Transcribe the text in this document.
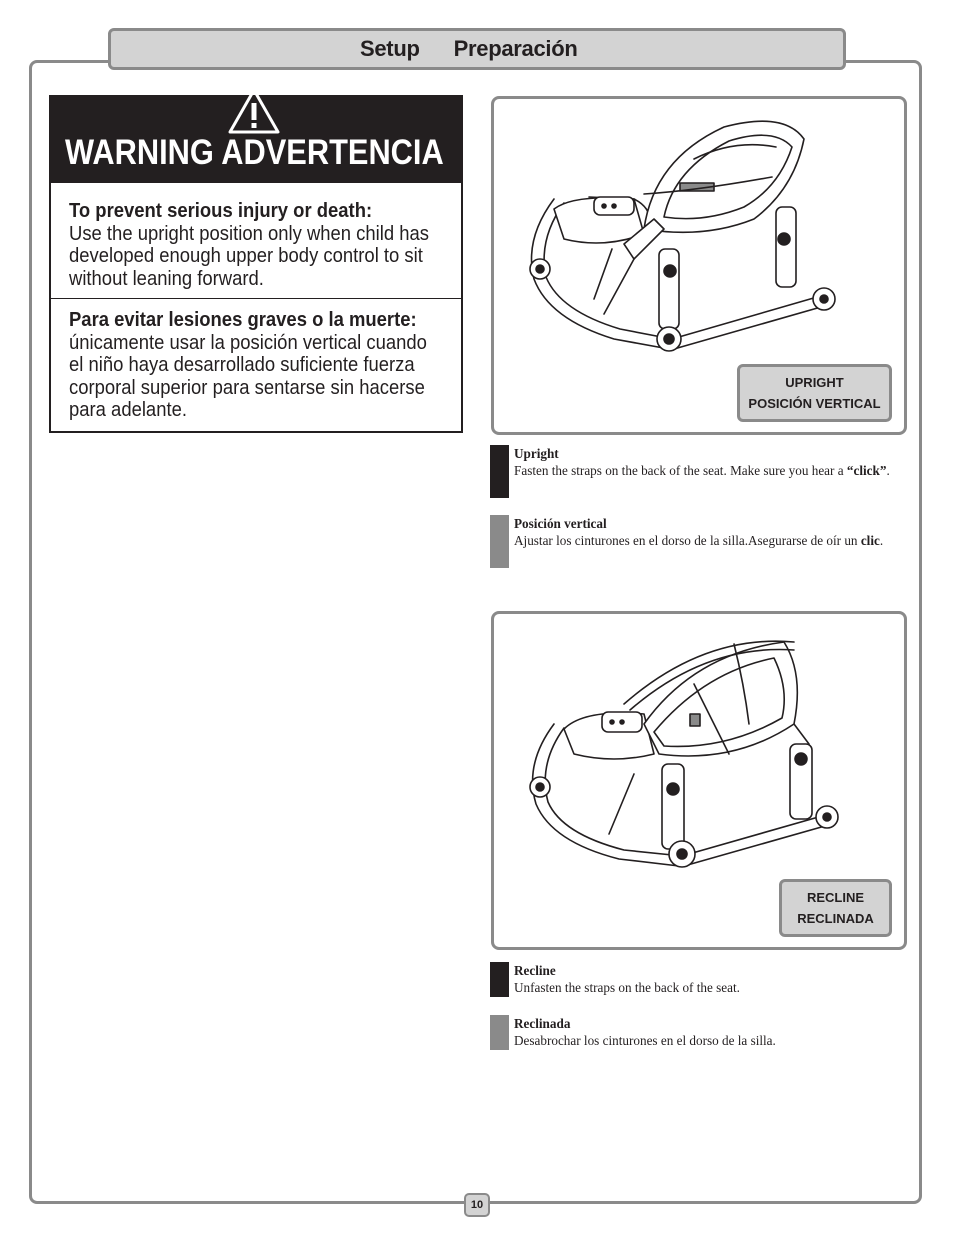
Setup Preparación
WARNING ADVERTENCIA
To prevent serious injury or death:
Use the upright position only when child has developed enough upper body control to sit without leaning forward.
Para evitar lesiones graves o la muerte:
únicamente usar la posición vertical cuando el niño haya desarrollado suficiente fuerza corporal superior para sentarse sin hacerse para adelante.
UPRIGHT
POSICIÓN VERTICAL
Upright
Fasten the straps on the back of the seat. Make sure you hear a “click”.
Posición vertical
Ajustar los cinturones en el dorso de la silla.Asegurarse de oír un clic.
RECLINE
RECLINADA
Recline
Unfasten the straps on the back of the seat.
Reclinada
Desabrochar los cinturones en el dorso de la silla.
10
